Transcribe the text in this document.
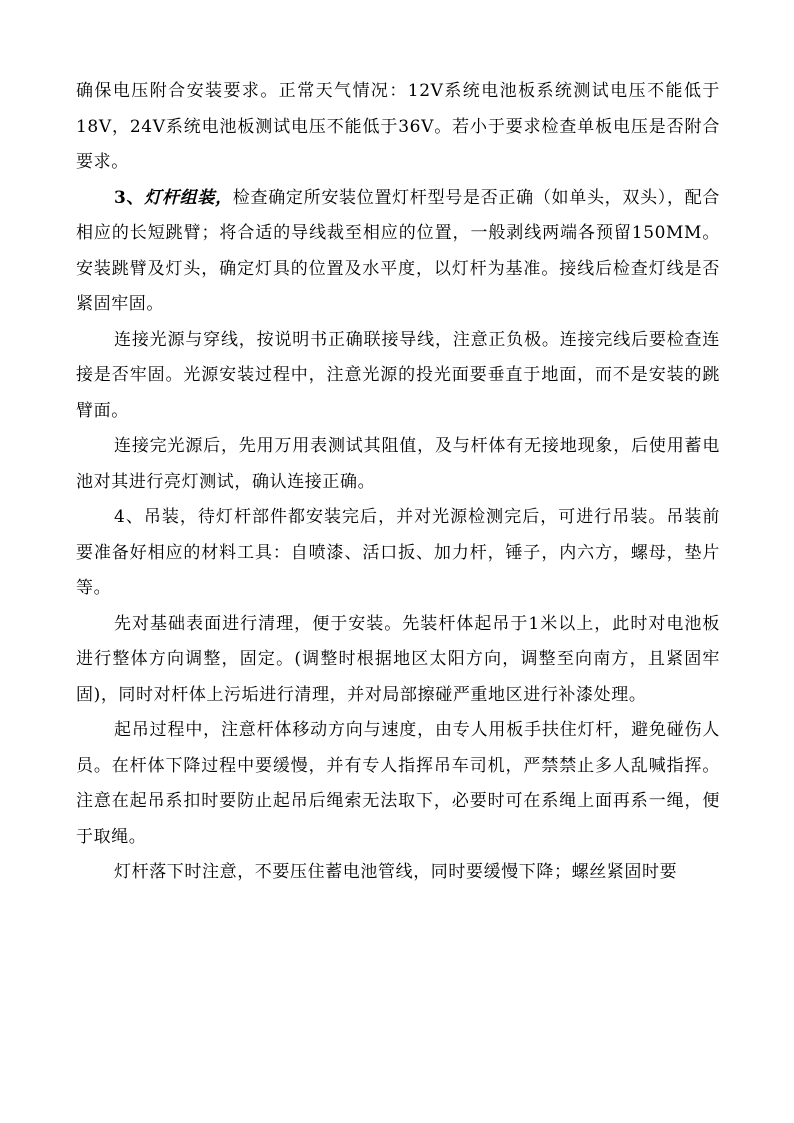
确保电压附合安装要求。正常天气情况：12V系统电池板系统测试电压不能低于18V，24V系统电池板测试电压不能低于36V。若小于要求检查单板电压是否附合要求。

3、灯杆组装，检查确定所安装位置灯杆型号是否正确（如单头，双头），配合相应的长短跳臂；将合适的导线裁至相应的位置，一般剥线两端各预留150MM。安装跳臂及灯头，确定灯具的位置及水平度，以灯杆为基准。接线后检查灯线是否紧固牢固。

连接光源与穿线，按说明书正确联接导线，注意正负极。连接完线后要检查连接是否牢固。光源安装过程中，注意光源的投光面要垂直于地面，而不是安装的跳臂面。

连接完光源后，先用万用表测试其阻值，及与杆体有无接地现象，后使用蓄电池对其进行亮灯测试，确认连接正确。

4、吊装，待灯杆部件都安装完后，并对光源检测完后，可进行吊装。吊装前要准备好相应的材料工具：自喷漆、活口扳、加力杆，锤子，内六方，螺母，垫片等。

先对基础表面进行清理，便于安装。先装杆体起吊于1米以上，此时对电池板进行整体方向调整，固定。(调整时根据地区太阳方向，调整至向南方，且紧固牢固)，同时对杆体上污垢进行清理，并对局部擦碰严重地区进行补漆处理。

起吊过程中，注意杆体移动方向与速度，由专人用板手扶住灯杆，避免碰伤人员。在杆体下降过程中要缓慢，并有专人指挥吊车司机，严禁禁止多人乱喊指挥。注意在起吊系扣时要防止起吊后绳索无法取下，必要时可在系绳上面再系一绳，便于取绳。

灯杆落下时注意，不要压住蓄电池管线，同时要缓慢下降；螺丝紧固时要
